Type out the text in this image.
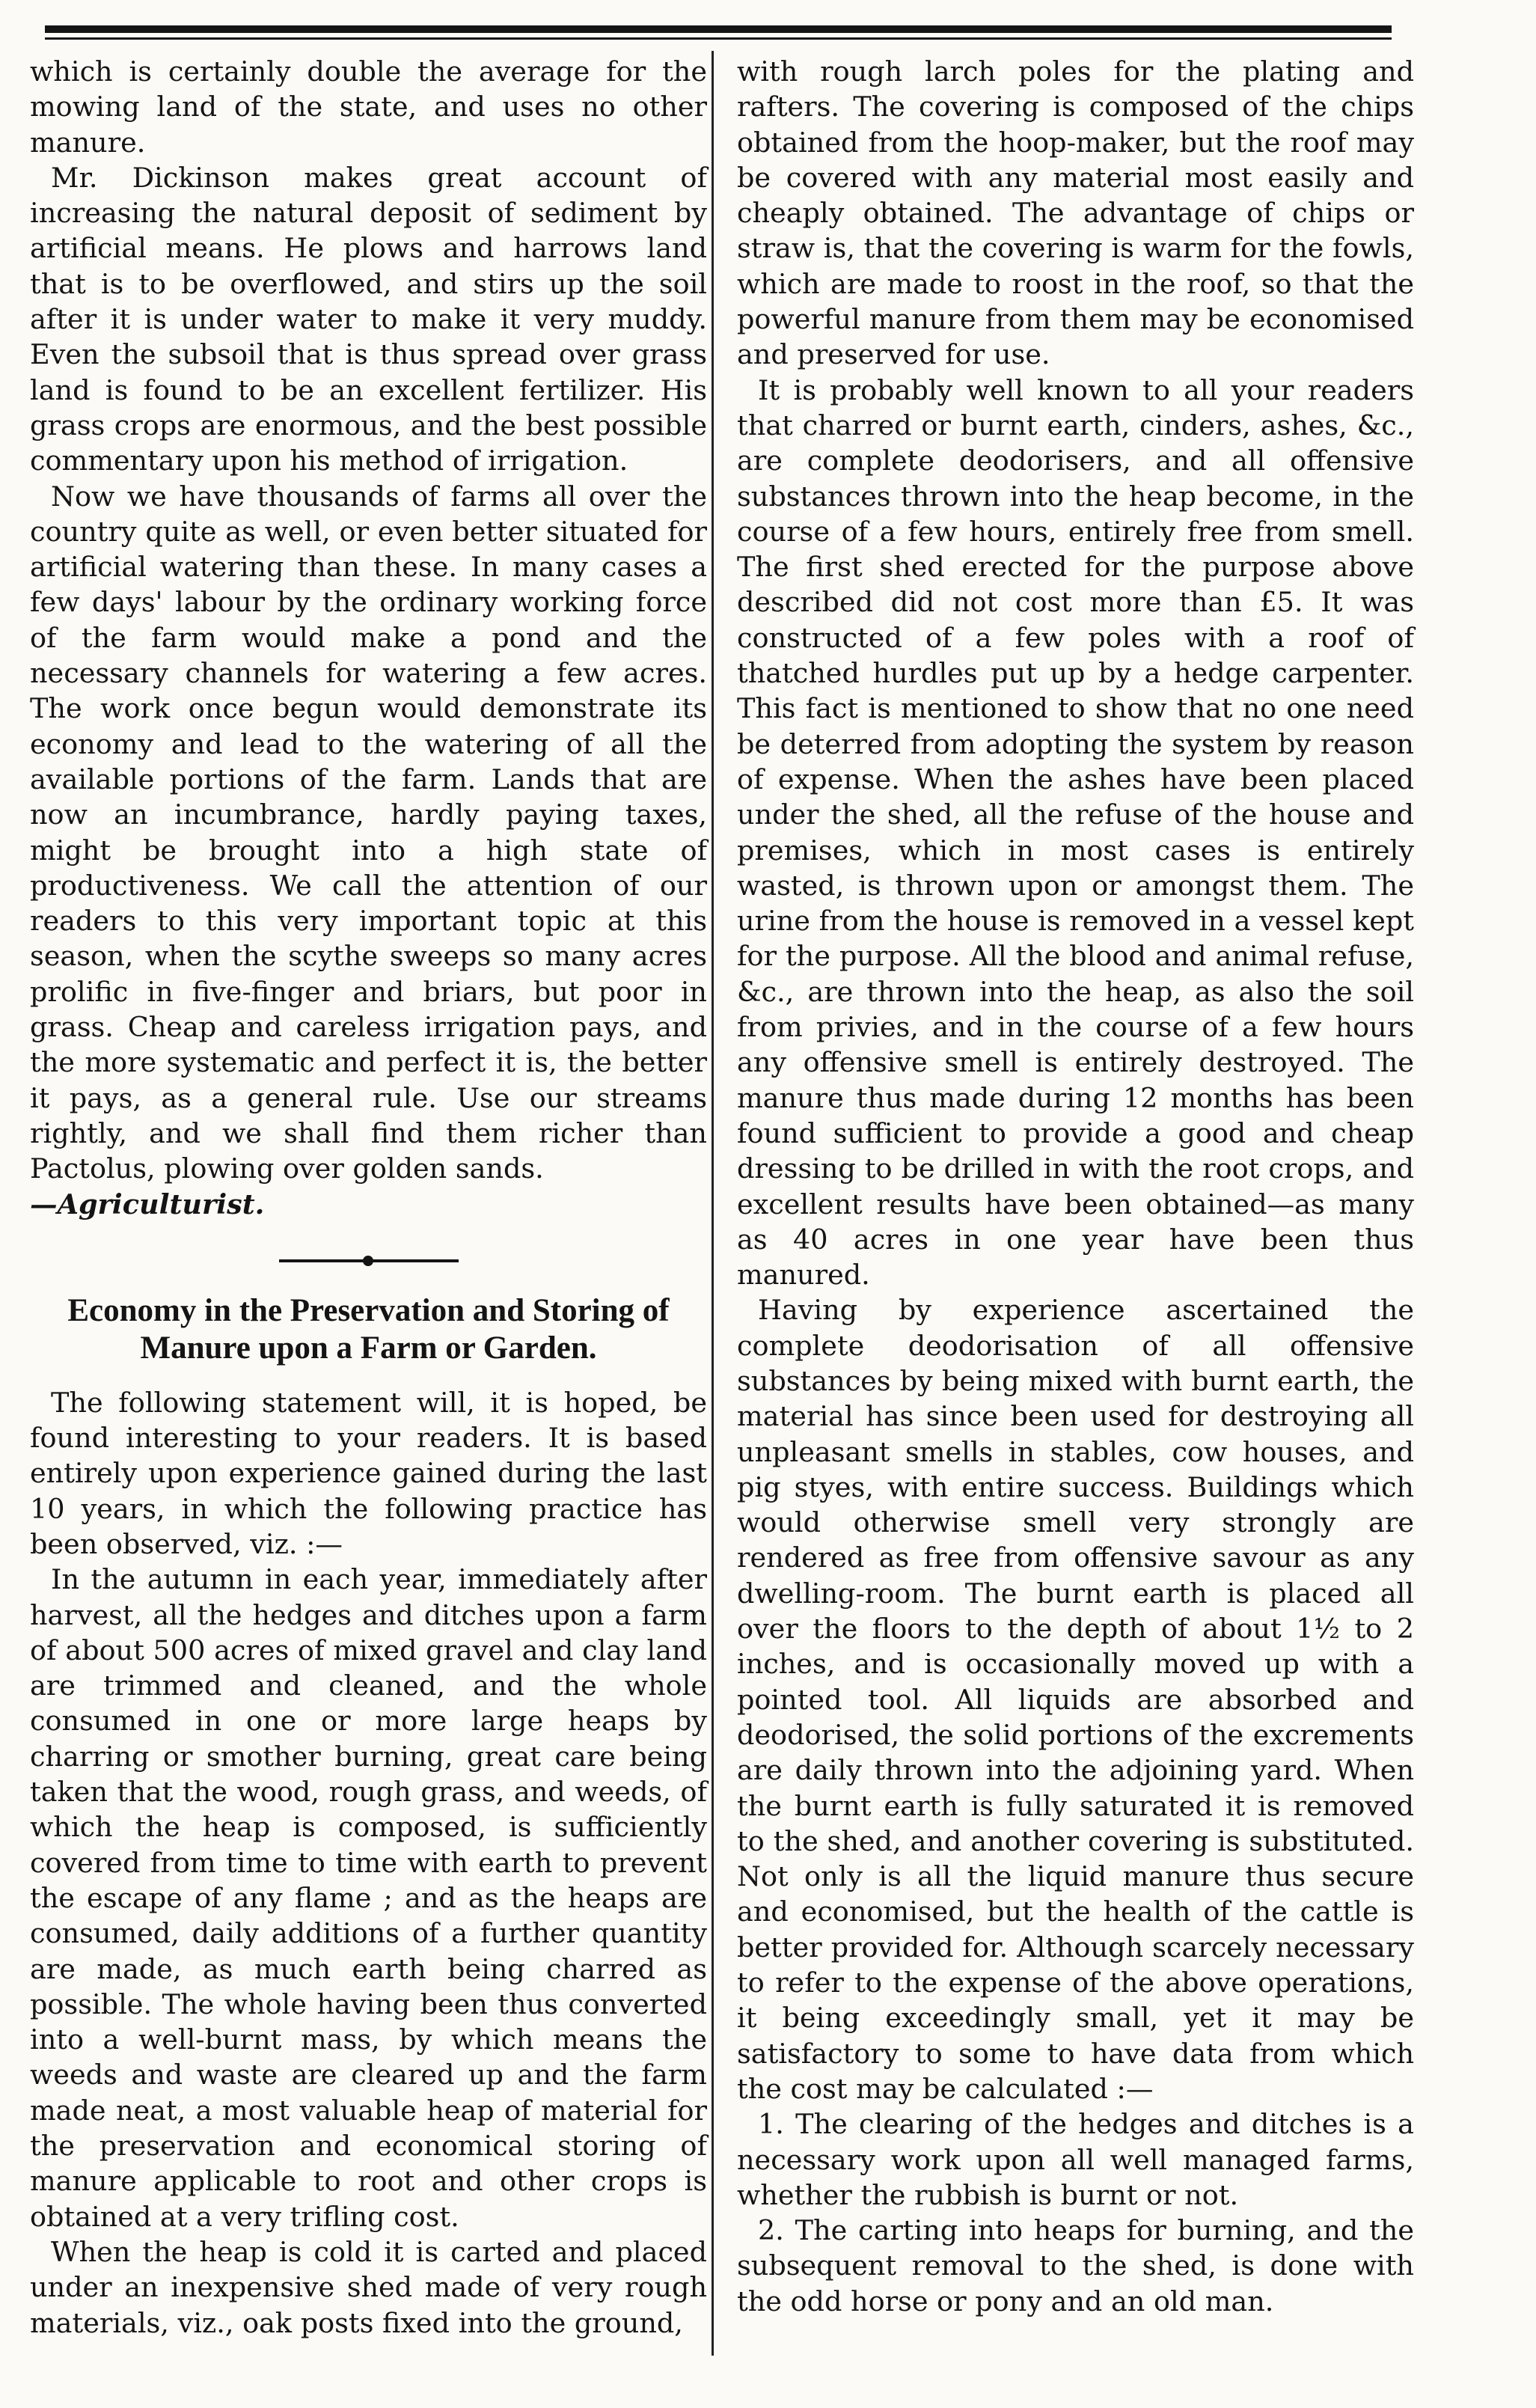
which is certainly double the average for the mowing land of the state, and uses no other manure.

Mr. Dickinson makes great account of increasing the natural deposit of sediment by artificial means. He plows and harrows land that is to be overflowed, and stirs up the soil after it is under water to make it very muddy. Even the subsoil that is thus spread over grass land is found to be an excellent fertilizer. His grass crops are enormous, and the best possible commentary upon his method of irrigation.

Now we have thousands of farms all over the country quite as well, or even better situated for artificial watering than these. In many cases a few days' labour by the ordinary working force of the farm would make a pond and the necessary channels for watering a few acres. The work once begun would demonstrate its economy and lead to the watering of all the available portions of the farm. Lands that are now an incumbrance, hardly paying taxes, might be brought into a high state of productiveness. We call the attention of our readers to this very important topic at this season, when the scythe sweeps so many acres prolific in five-finger and briars, but poor in grass. Cheap and careless irrigation pays, and the more systematic and perfect it is, the better it pays, as a general rule. Use our streams rightly, and we shall find them richer than Pactolus, plowing over golden sands.

—Agriculturist.

Economy in the Preservation and Storing of Manure upon a Farm or Garden.

The following statement will, it is hoped, be found interesting to your readers. It is based entirely upon experience gained during the last 10 years, in which the following practice has been observed, viz. :—

In the autumn in each year, immediately after harvest, all the hedges and ditches upon a farm of about 500 acres of mixed gravel and clay land are trimmed and cleaned, and the whole consumed in one or more large heaps by charring or smother burning, great care being taken that the wood, rough grass, and weeds, of which the heap is composed, is sufficiently covered from time to time with earth to prevent the escape of any flame ; and as the heaps are consumed, daily additions of a further quantity are made, as much earth being charred as possible. The whole having been thus converted into a well-burnt mass, by which means the weeds and waste are cleared up and the farm made neat, a most valuable heap of material for the preservation and economical storing of manure applicable to root and other crops is obtained at a very trifling cost.

When the heap is cold it is carted and placed under an inexpensive shed made of very rough materials, viz., oak posts fixed into the ground,

with rough larch poles for the plating and rafters. The covering is composed of the chips obtained from the hoop-maker, but the roof may be covered with any material most easily and cheaply obtained. The advantage of chips or straw is, that the covering is warm for the fowls, which are made to roost in the roof, so that the powerful manure from them may be economised and preserved for use.

It is probably well known to all your readers that charred or burnt earth, cinders, ashes, &c., are complete deodorisers, and all offensive substances thrown into the heap become, in the course of a few hours, entirely free from smell. The first shed erected for the purpose above described did not cost more than £5. It was constructed of a few poles with a roof of thatched hurdles put up by a hedge carpenter. This fact is mentioned to show that no one need be deterred from adopting the system by reason of expense. When the ashes have been placed under the shed, all the refuse of the house and premises, which in most cases is entirely wasted, is thrown upon or amongst them. The urine from the house is removed in a vessel kept for the purpose. All the blood and animal refuse, &c., are thrown into the heap, as also the soil from privies, and in the course of a few hours any offensive smell is entirely destroyed. The manure thus made during 12 months has been found sufficient to provide a good and cheap dressing to be drilled in with the root crops, and excellent results have been obtained—as many as 40 acres in one year have been thus manured.

Having by experience ascertained the complete deodorisation of all offensive substances by being mixed with burnt earth, the material has since been used for destroying all unpleasant smells in stables, cow houses, and pig styes, with entire success. Buildings which would otherwise smell very strongly are rendered as free from offensive savour as any dwelling-room. The burnt earth is placed all over the floors to the depth of about 1½ to 2 inches, and is occasionally moved up with a pointed tool. All liquids are absorbed and deodorised, the solid portions of the excrements are daily thrown into the adjoining yard. When the burnt earth is fully saturated it is removed to the shed, and another covering is substituted. Not only is all the liquid manure thus secure and economised, but the health of the cattle is better provided for. Although scarcely necessary to refer to the expense of the above operations, it being exceedingly small, yet it may be satisfactory to some to have data from which the cost may be calculated :—

1. The clearing of the hedges and ditches is a necessary work upon all well managed farms, whether the rubbish is burnt or not.

2. The carting into heaps for burning, and the subsequent removal to the shed, is done with the odd horse or pony and an old man.
